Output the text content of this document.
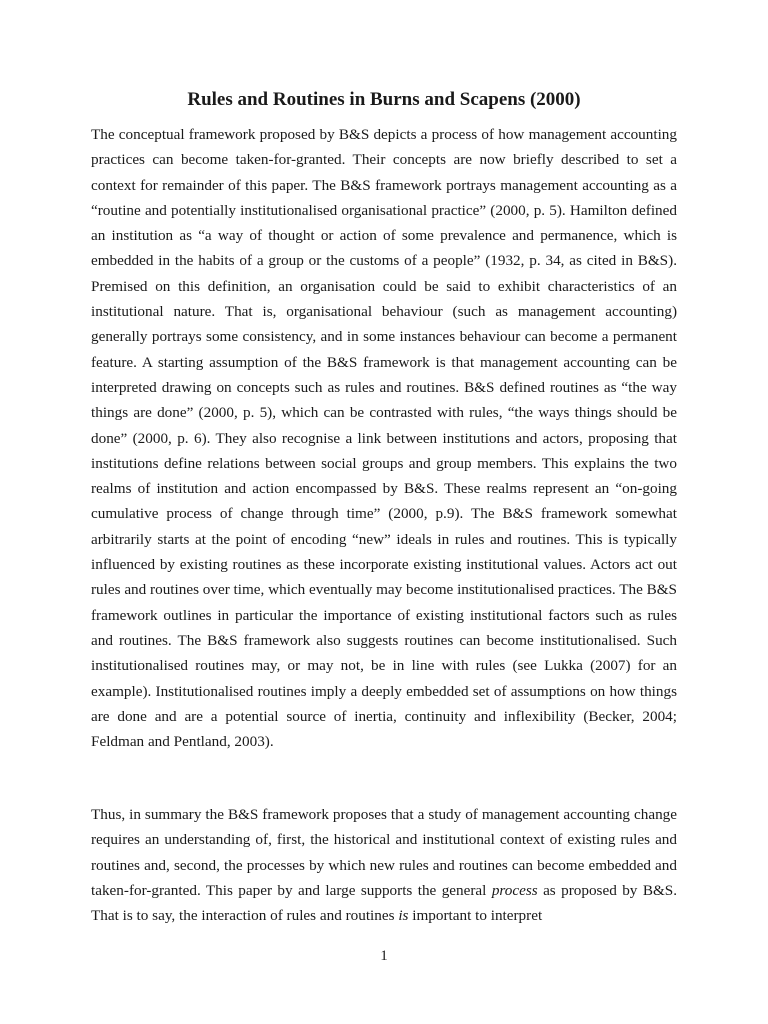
Rules and Routines in Burns and Scapens (2000)

The conceptual framework proposed by B&S depicts a process of how management accounting practices can become taken-for-granted. Their concepts are now briefly described to set a context for remainder of this paper. The B&S framework portrays management accounting as a “routine and potentially institutionalised organisational practice” (2000, p. 5). Hamilton defined an institution as “a way of thought or action of some prevalence and permanence, which is embedded in the habits of a group or the customs of a people” (1932, p. 34, as cited in B&S). Premised on this definition, an organisation could be said to exhibit characteristics of an institutional nature. That is, organisational behaviour (such as management accounting) generally portrays some consistency, and in some instances behaviour can become a permanent feature. A starting assumption of the B&S framework is that management accounting can be interpreted drawing on concepts such as rules and routines. B&S defined routines as “the way things are done” (2000, p. 5), which can be contrasted with rules, “the ways things should be done” (2000, p. 6). They also recognise a link between institutions and actors, proposing that institutions define relations between social groups and group members. This explains the two realms of institution and action encompassed by B&S. These realms represent an “on-going cumulative process of change through time” (2000, p.9). The B&S framework somewhat arbitrarily starts at the point of encoding “new” ideals in rules and routines. This is typically influenced by existing routines as these incorporate existing institutional values. Actors act out rules and routines over time, which eventually may become institutionalised practices. The B&S framework outlines in particular the importance of existing institutional factors such as rules and routines. The B&S framework also suggests routines can become institutionalised. Such institutionalised routines may, or may not, be in line with rules (see Lukka (2007) for an example). Institutionalised routines imply a deeply embedded set of assumptions on how things are done and are a potential source of inertia, continuity and inflexibility (Becker, 2004; Feldman and Pentland, 2003).

Thus, in summary the B&S framework proposes that a study of management accounting change requires an understanding of, first, the historical and institutional context of existing rules and routines and, second, the processes by which new rules and routines can become embedded and taken-for-granted. This paper by and large supports the general process as proposed by B&S. That is to say, the interaction of rules and routines is important to interpret

1
